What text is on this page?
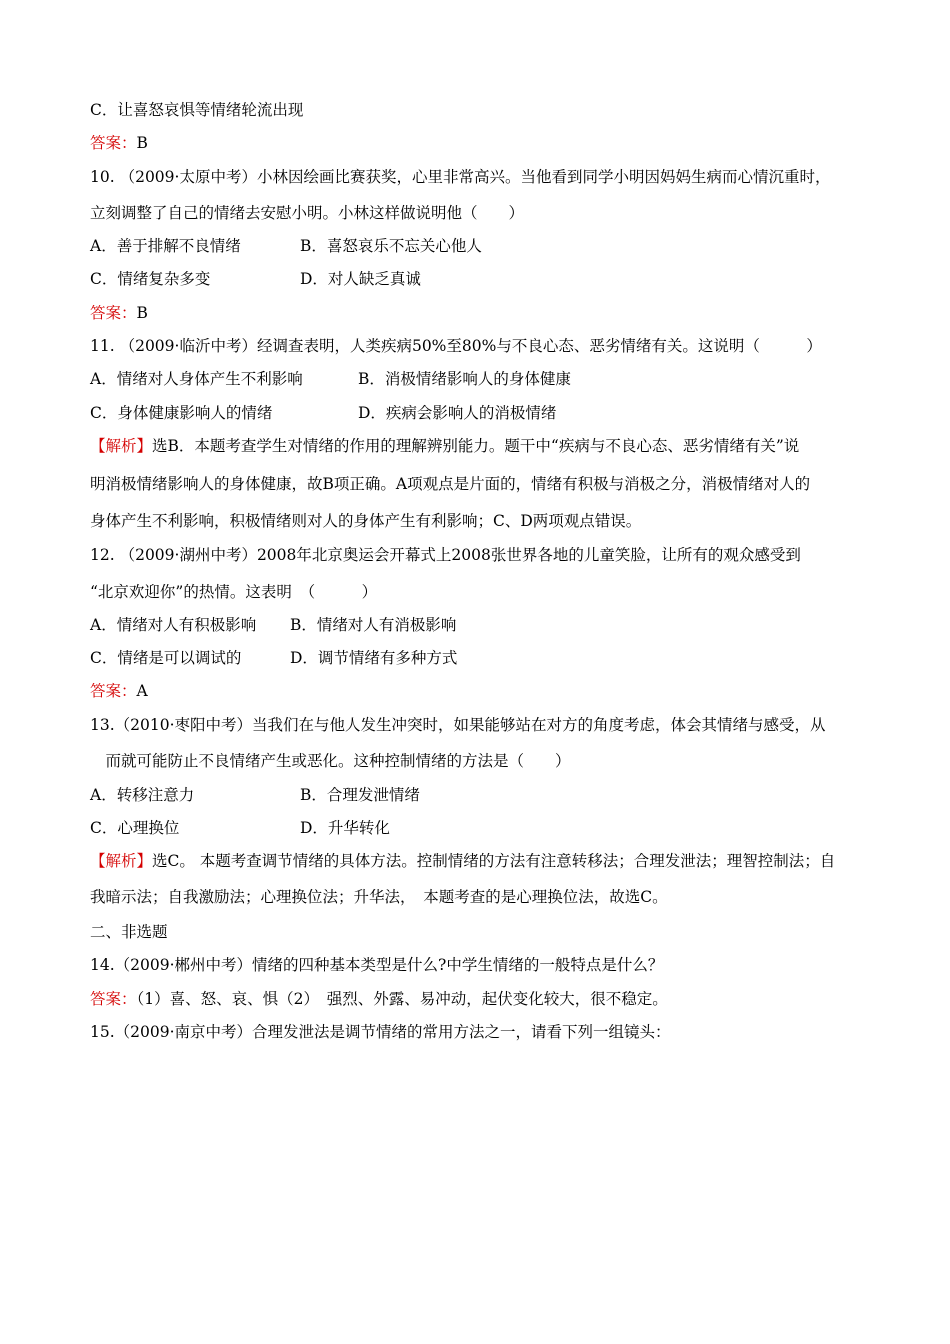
C．让喜怒哀惧等情绪轮流出现
答案：B
10. （2009·太原中考）小林因绘画比赛获奖，心里非常高兴。当他看到同学小明因妈妈生病而心情沉重时，
立刻调整了自己的情绪去安慰小明。小林这样做说明他（　　）
A．善于排解不良情绪	B．喜怒哀乐不忘关心他人
C．情绪复杂多变	D．对人缺乏真诚
答案：B
11. （2009·临沂中考）经调查表明，人类疾病50%至80%与不良心态、恶劣情绪有关。这说明（　　　）
A．情绪对人身体产生不利影响	B．消极情绪影响人的身体健康
C．身体健康影响人的情绪	D．疾病会影响人的消极情绪
【解析】选B．本题考查学生对情绪的作用的理解辨别能力。题干中“疾病与不良心态、恶劣情绪有关”说
明消极情绪影响人的身体健康，故B项正确。A项观点是片面的，情绪有积极与消极之分，消极情绪对人的
身体产生不利影响，积极情绪则对人的身体产生有利影响；C、D两项观点错误。
12. （2009·湖州中考）2008年北京奥运会开幕式上2008张世界各地的儿童笑脸，让所有的观众感受到
“北京欢迎你”的热情。这表明　（　　　）
A．情绪对人有积极影响 B．情绪对人有消极影响
C．情绪是可以调试的	D．调节情绪有多种方式
答案：A
13.（2010·枣阳中考）当我们在与他人发生冲突时，如果能够站在对方的角度考虑，体会其情绪与感受，从
　而就可能防止不良情绪产生或恶化。这种控制情绪的方法是（　　）
A．转移注意力	B．合理发泄情绪
C．心理换位	D．升华转化
【解析】选C。 本题考查调节情绪的具体方法。控制情绪的方法有注意转移法；合理发泄法；理智控制法；自
我暗示法；自我激励法；心理换位法；升华法，　本题考查的是心理换位法，故选C。
二、非选题
14.（2009·郴州中考）情绪的四种基本类型是什么?中学生情绪的一般特点是什么？
答案：（1）喜、怒、哀、惧（2）　强烈、外露、易冲动，起伏变化较大，很不稳定。
15.（2009·南京中考）合理发泄法是调节情绪的常用方法之一，请看下列一组镜头：
